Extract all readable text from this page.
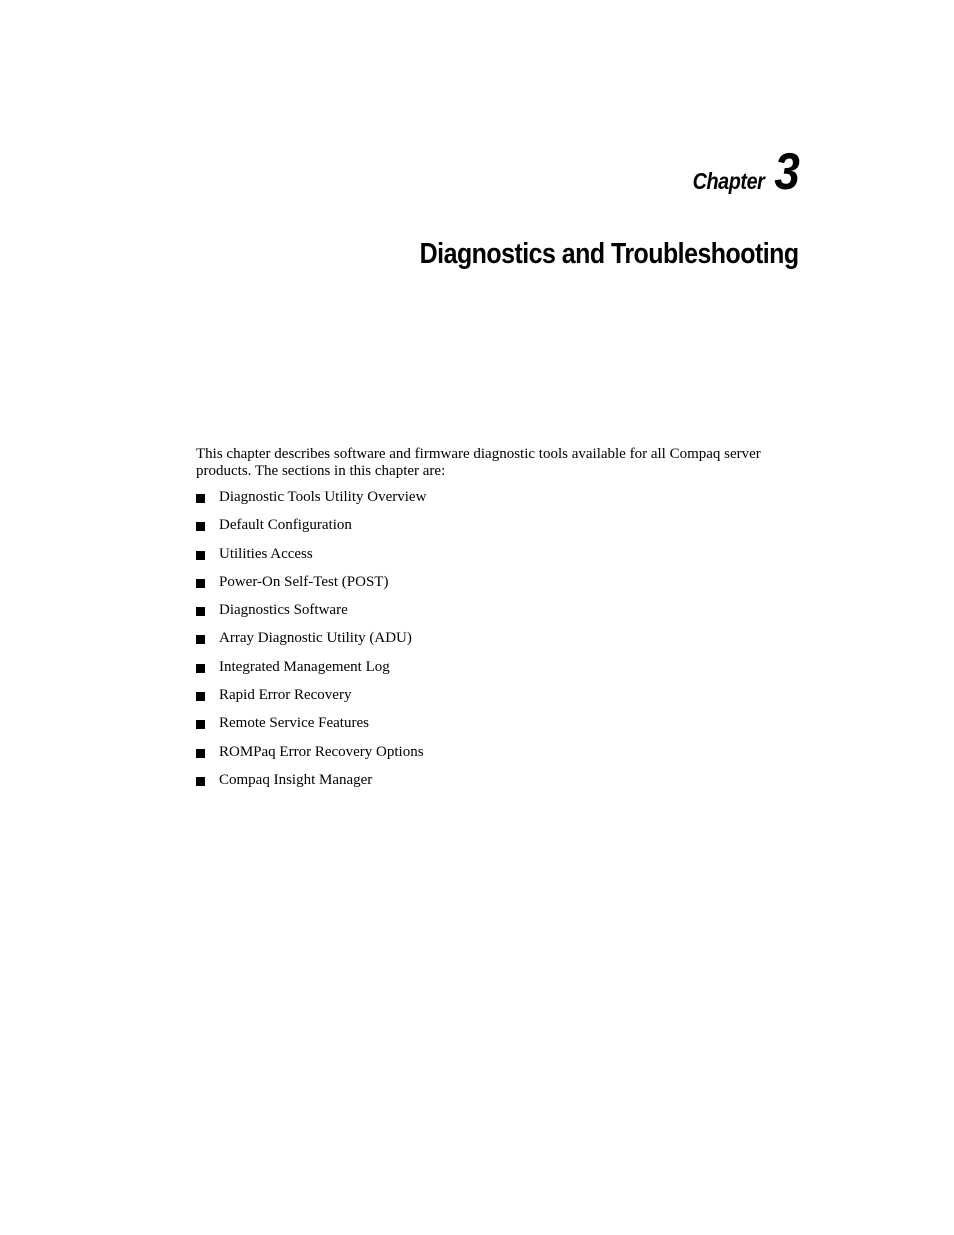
Chapter 3
Diagnostics and Troubleshooting

This chapter describes software and firmware diagnostic tools available for all Compaq server products. The sections in this chapter are:

Diagnostic Tools Utility Overview
Default Configuration
Utilities Access
Power-On Self-Test (POST)
Diagnostics Software
Array Diagnostic Utility (ADU)
Integrated Management Log
Rapid Error Recovery
Remote Service Features
ROMPaq Error Recovery Options
Compaq Insight Manager
